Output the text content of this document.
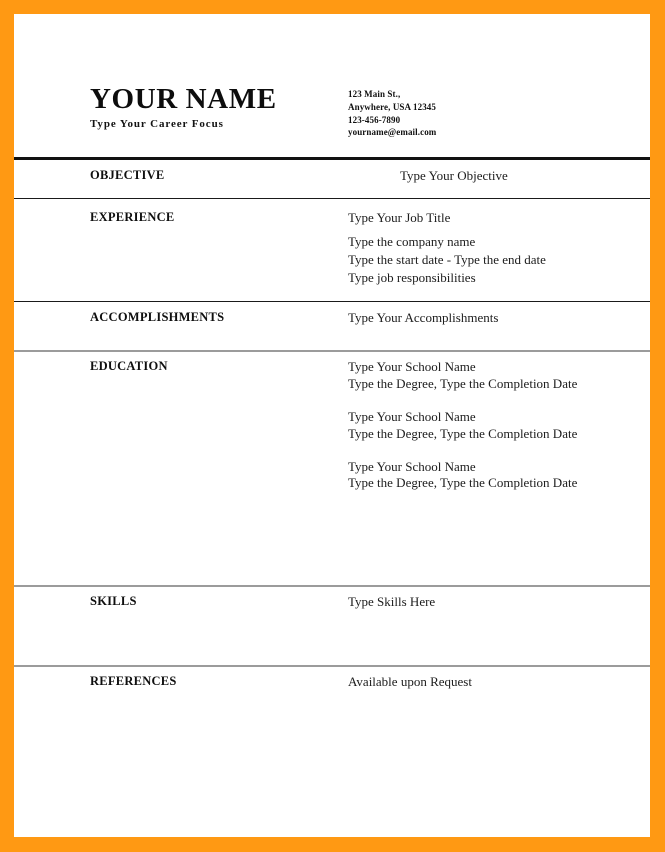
YOUR NAME
Type Your Career Focus
123 Main St.,
Anywhere, USA 12345
123-456-7890
yourname@email.com
OBJECTIVE	Type Your Objective
EXPERIENCE	Type Your Job Title
Type the company name
Type the start date - Type the end date
Type job responsibilities
ACCOMPLISHMENTS	Type Your Accomplishments
EDUCATION	Type Your School Name
Type the Degree, Type the Completion Date
Type Your School Name
Type the Degree, Type the Completion Date
Type Your School Name
Type the Degree, Type the Completion Date
SKILLS	Type Skills Here
REFERENCES	Available upon Request
